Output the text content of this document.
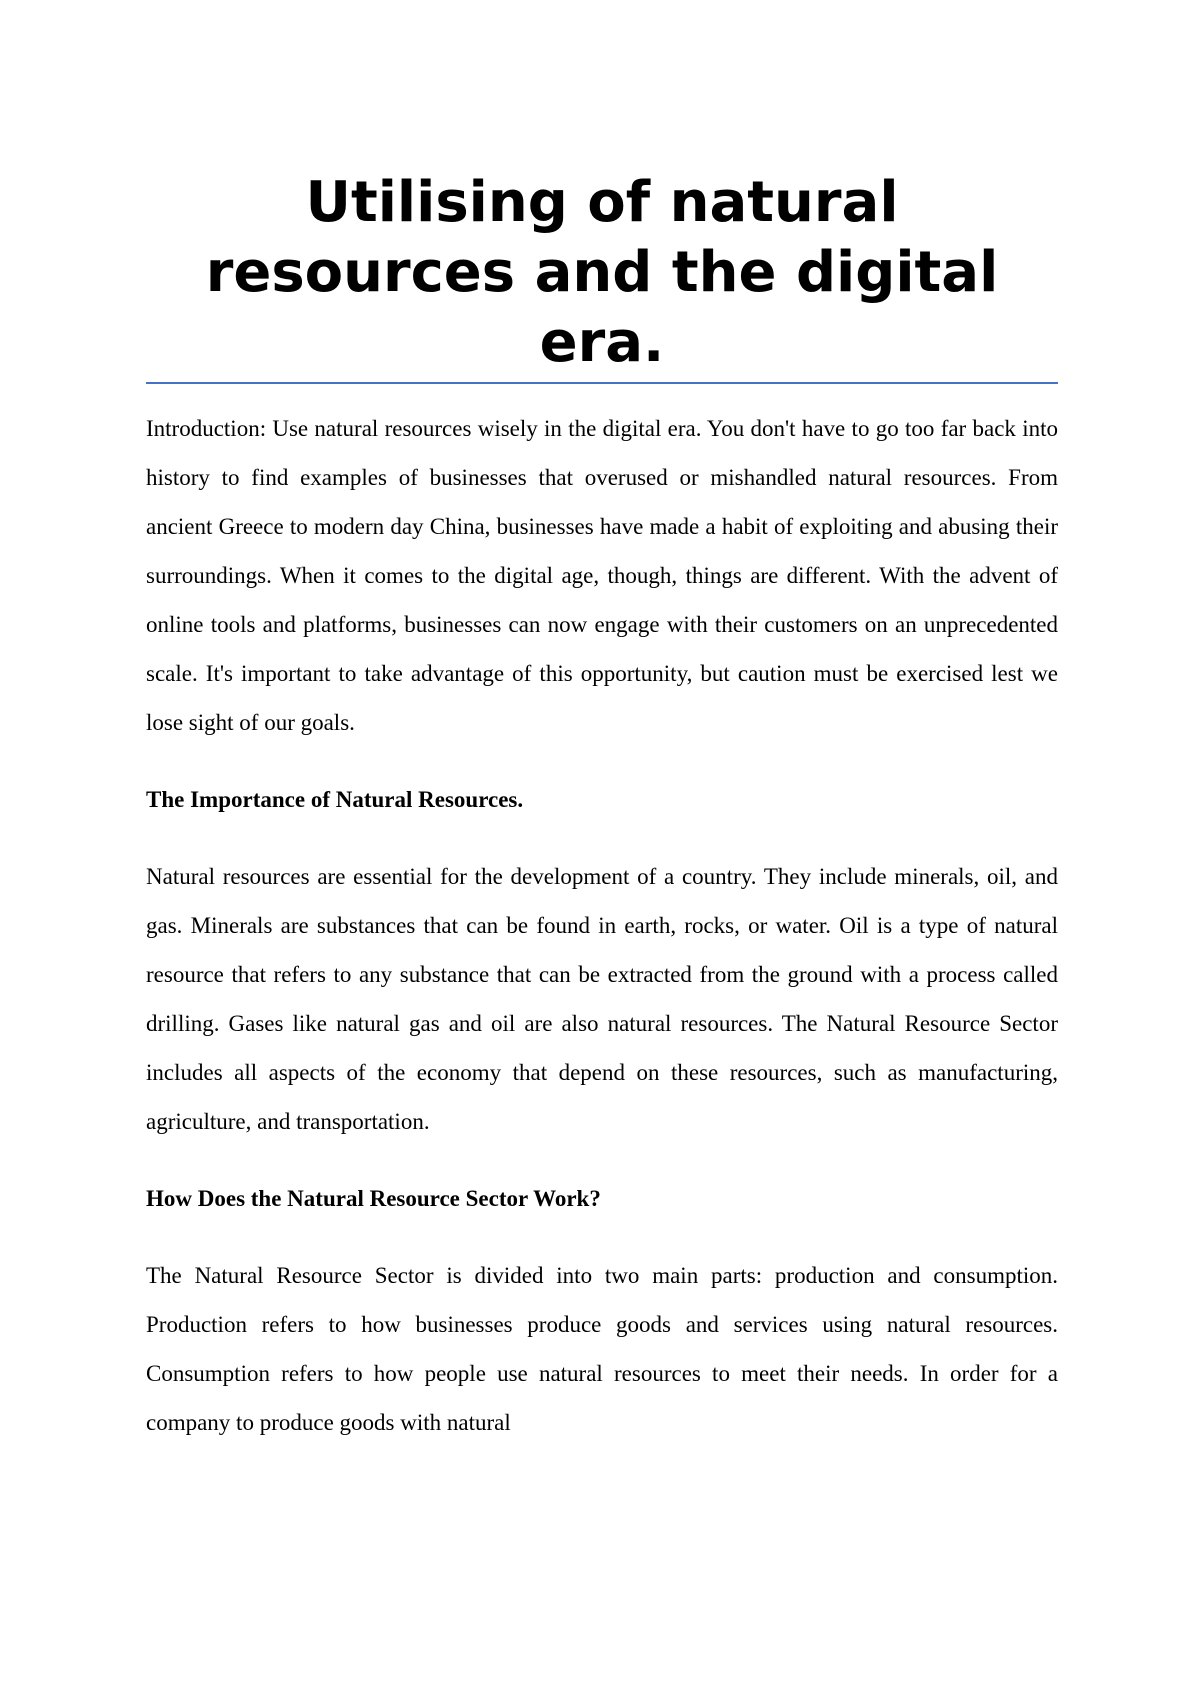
Utilising of natural resources and the digital era.

Introduction: Use natural resources wisely in the digital era. You don't have to go too far back into history to find examples of businesses that overused or mishandled natural resources. From ancient Greece to modern day China, businesses have made a habit of exploiting and abusing their surroundings. When it comes to the digital age, though, things are different. With the advent of online tools and platforms, businesses can now engage with their customers on an unprecedented scale. It's important to take advantage of this opportunity, but caution must be exercised lest we lose sight of our goals.

The Importance of Natural Resources.

Natural resources are essential for the development of a country. They include minerals, oil, and gas. Minerals are substances that can be found in earth, rocks, or water. Oil is a type of natural resource that refers to any substance that can be extracted from the ground with a process called drilling. Gases like natural gas and oil are also natural resources. The Natural Resource Sector includes all aspects of the economy that depend on these resources, such as manufacturing, agriculture, and transportation.

How Does the Natural Resource Sector Work?

The Natural Resource Sector is divided into two main parts: production and consumption. Production refers to how businesses produce goods and services using natural resources. Consumption refers to how people use natural resources to meet their needs. In order for a company to produce goods with natural
